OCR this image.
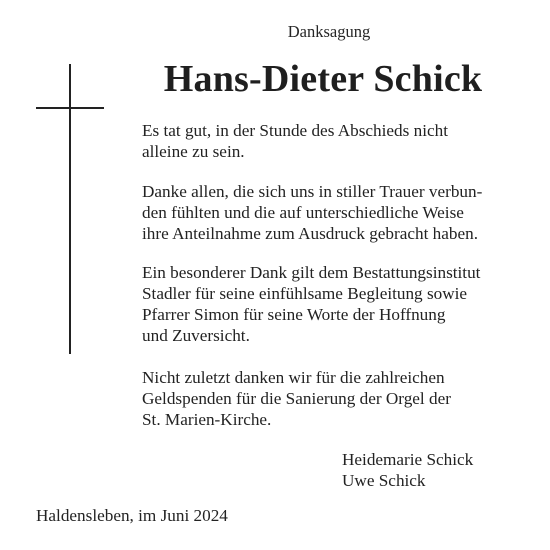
Danksagung
Hans-Dieter Schick
Es tat gut, in der Stunde des Abschieds nicht
alleine zu sein.
Danke allen, die sich uns in stiller Trauer verbun-
den fühlten und die auf unterschiedliche Weise
ihre Anteilnahme zum Ausdruck gebracht haben.
Ein besonderer Dank gilt dem Bestattungsinstitut
Stadler für seine einfühlsame Begleitung sowie
Pfarrer Simon für seine Worte der Hoffnung
und Zuversicht.
Nicht zuletzt danken wir für die zahlreichen
Geldspenden für die Sanierung der Orgel der
St. Marien-Kirche.
Heidemarie Schick
Uwe Schick
Haldensleben, im Juni 2024
